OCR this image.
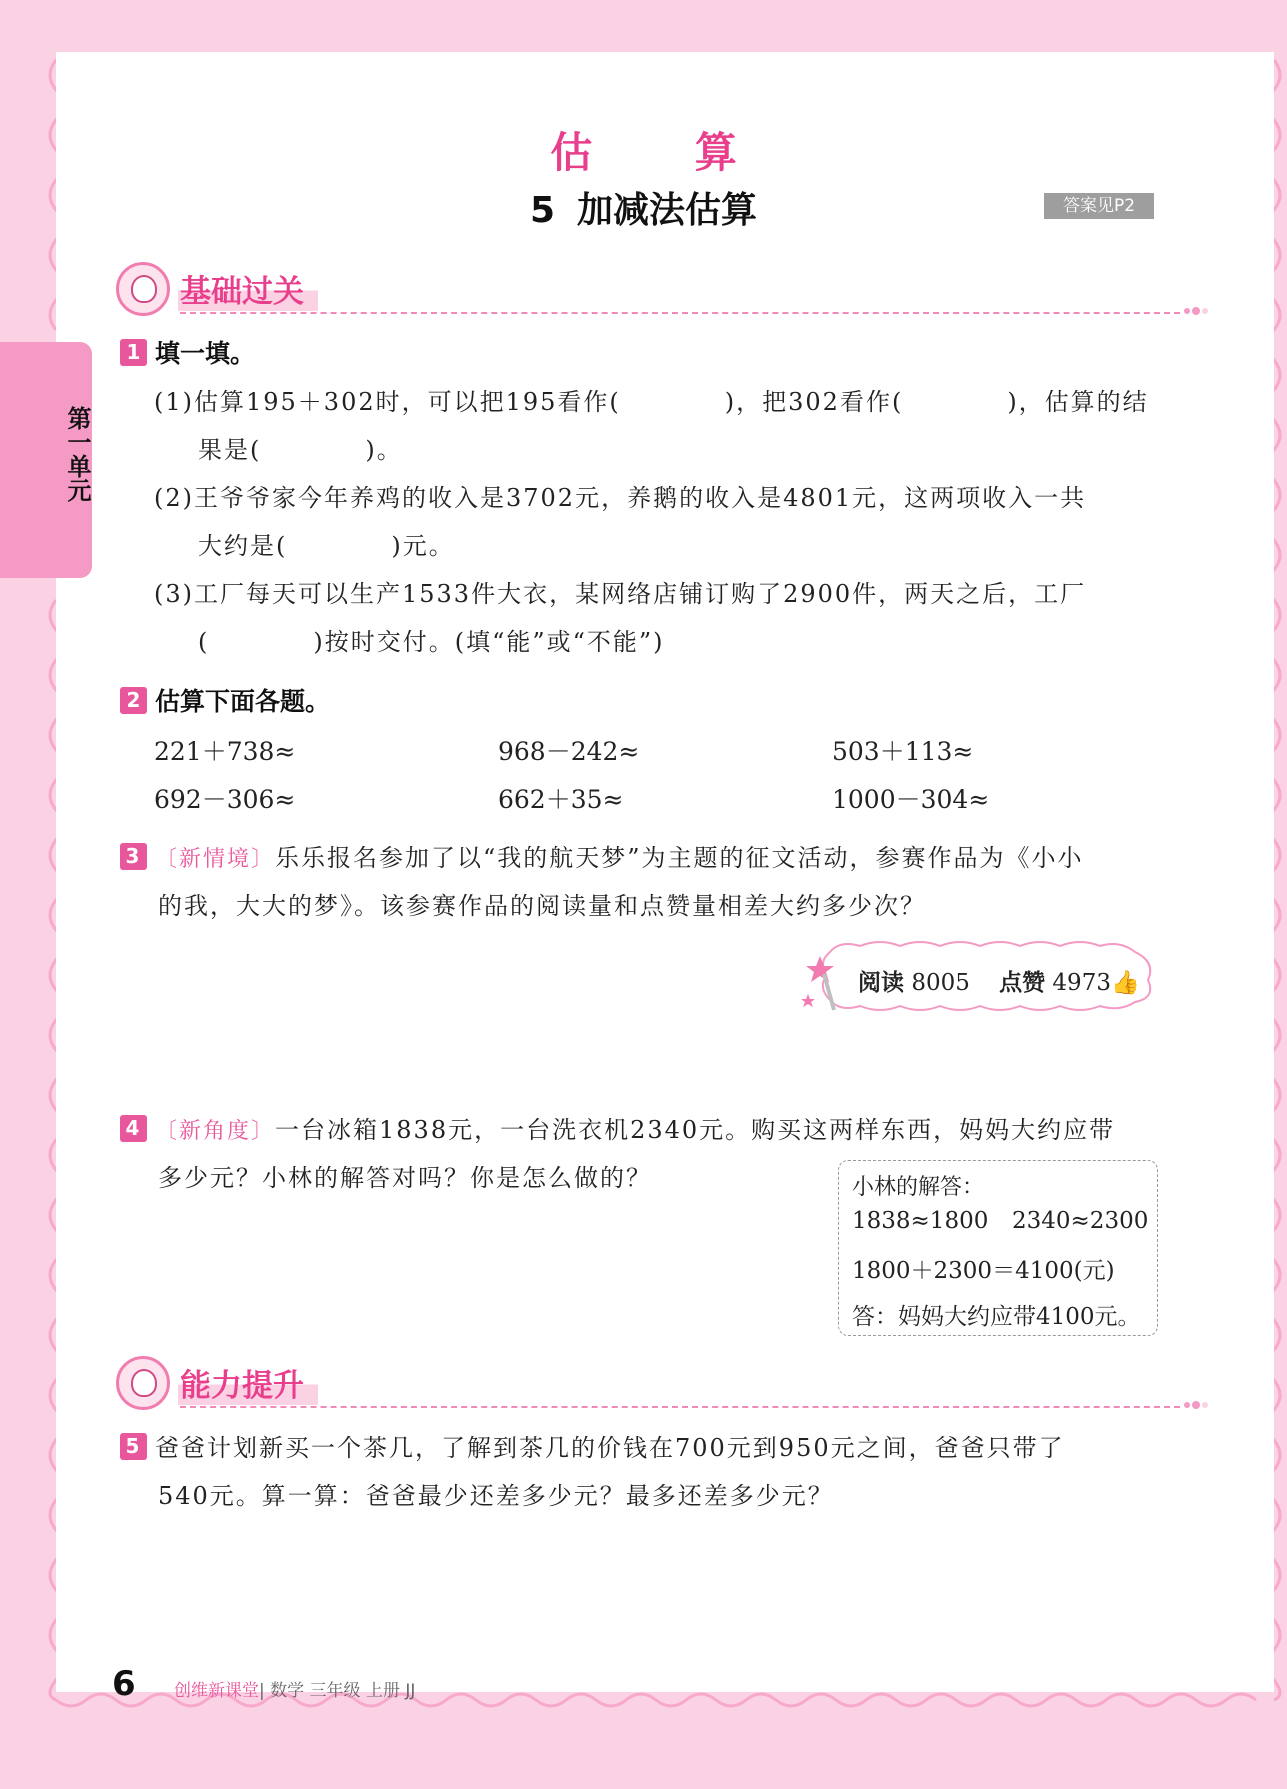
第一单元
估 算
5 加减法估算	答案见P2
基础过关
1 填一填。
(1)估算195＋302时，可以把195看作(　　　　)，把302看作(　　　　)，估算的结
果是(　　　　)。
(2)王爷爷家今年养鸡的收入是3702元，养鹅的收入是4801元，这两项收入一共
大约是(　　　　)元。
(3)工厂每天可以生产1533件大衣，某网络店铺订购了2900件，两天之后，工厂
(　　　　)按时交付。(填“能”或“不能”)
2 估算下面各题。
221＋738≈	968－242≈	503＋113≈
692－306≈	662＋35≈	1000－304≈
3 〔新情境〕乐乐报名参加了以“我的航天梦”为主题的征文活动，参赛作品为《小小
的我，大大的梦》。该参赛作品的阅读量和点赞量相差大约多少次？
阅读 8005 点赞 4973👍
4 〔新角度〕一台冰箱1838元，一台洗衣机2340元。购买这两样东西，妈妈大约应带
多少元？小林的解答对吗？你是怎么做的？	小林的解答：
1838≈1800 2340≈2300
1800＋2300＝4100(元)
答：妈妈大约应带4100元。
能力提升
5 爸爸计划新买一个茶几，了解到茶几的价钱在700元到950元之间，爸爸只带了
540元。算一算：爸爸最少还差多少元？最多还差多少元？
6 创维新课堂| 数学 三年级 上册 JJ
